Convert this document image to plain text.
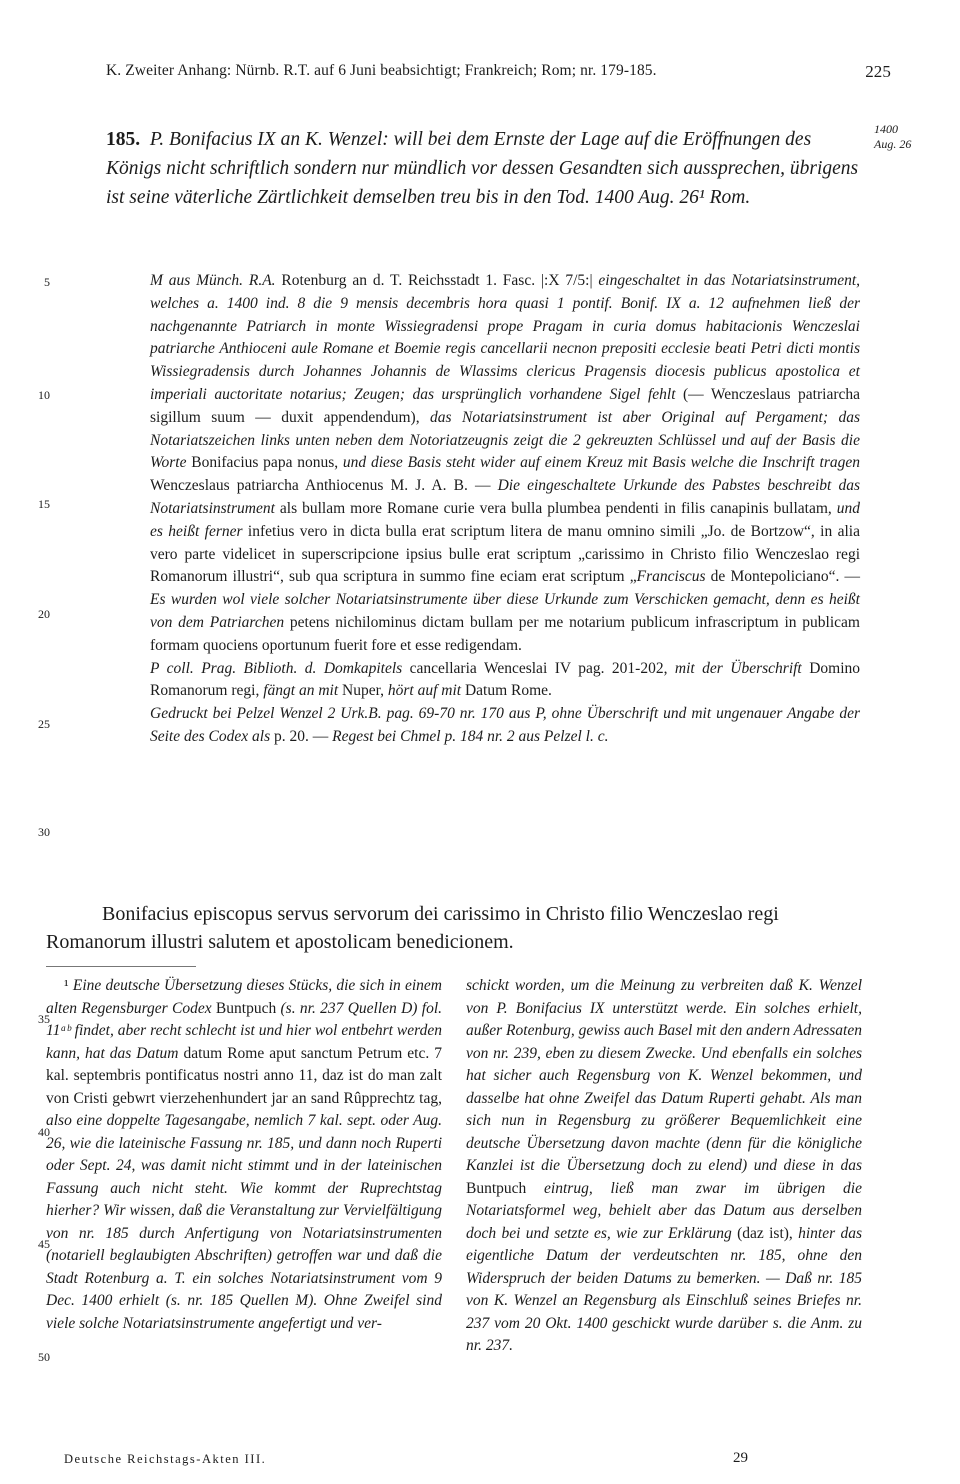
K. Zweiter Anhang: Nürnb. R.T. auf 6 Juni beabsichtigt; Frankreich; Rom; nr. 179-185.	225

185. P. Bonifacius IX an K. Wenzel: will bei dem Ernste der Lage auf die Eröffnungen des Königs nicht schriftlich sondern nur mündlich vor dessen Gesandten sich aussprechen, übrigens ist seine väterliche Zärtlichkeit demselben treu bis in den Tod. 1400 Aug. 26¹ Rom.

1400
Aug. 26
5
10
15
20
25
30
35
40
45
50

M aus Münch. R.A. Rotenburg an d. T. Reichsstadt 1. Fasc. |:X 7/5:| eingeschaltet in das Notariatsinstrument, welches a. 1400 ind. 8 die 9 mensis decembris hora quasi 1 pontif. Bonif. IX a. 12 aufnehmen ließ der nachgenannte Patriarch in monte Wissiegradensi prope Pragam in curia domus habitacionis Wenczeslai patriarche Anthioceni aule Romane et Boemie regis cancellarii necnon prepositi ecclesie beati Petri dicti montis Wissiegradensis durch Johannes Johannis de Wlassims clericus Pragensis diocesis publicus apostolica et imperiali auctoritate notarius; Zeugen; das ursprünglich vorhandene Sigel fehlt (— Wenczeslaus patriarcha sigillum suum — duxit appendendum), das Notariatsinstrument ist aber Original auf Pergament; das Notariatszeichen links unten neben dem Notoriatzeugnis zeigt die 2 gekreuzten Schlüssel und auf der Basis die Worte Bonifacius papa nonus, und diese Basis steht wider auf einem Kreuz mit Basis welche die Inschrift tragen Wenczeslaus patriarcha Anthiocenus M. J. A. B. — Die eingeschaltete Urkunde des Pabstes beschreibt das Notariatsinstrument als bullam more Romane curie vera bulla plumbea pendenti in filis canapinis bullatam, und es heißt ferner infetius vero in dicta bulla erat scriptum litera de manu omnino simili „Jo. de Bortzow“, in alia vero parte videlicet in superscripcione ipsius bulle erat scriptum „carissimo in Christo filio Wenczeslao regi Romanorum illustri“, sub qua scriptura in summo fine eciam erat scriptum „Franciscus de Montepoliciano“. — Es wurden wol viele solcher Notariatsinstrumente über diese Urkunde zum Verschicken gemacht, denn es heißt von dem Patriarchen petens nichilominus dictam bullam per me notarium publicum infrascriptum in publicam formam quociens oportunum fuerit fore et esse redigendam.

P coll. Prag. Biblioth. d. Domkapitels cancellaria Wenceslai IV pag. 201-202, mit der Überschrift Domino Romanorum regi, fängt an mit Nuper, hört auf mit Datum Rome.

Gedruckt bei Pelzel Wenzel 2 Urk.B. pag. 69-70 nr. 170 aus P, ohne Überschrift und mit ungenauer Angabe der Seite des Codex als p. 20. — Regest bei Chmel p. 184 nr. 2 aus Pelzel l. c.

Bonifacius episcopus servus servorum dei carissimo in Christo filio Wenczeslao regi Romanorum illustri salutem et apostolicam benedicionem.

¹ Eine deutsche Übersetzung dieses Stücks, die sich in einem alten Regensburger Codex Buntpuch (s. nr. 237 Quellen D) fol. 11ᵃᵇ findet, aber recht schlecht ist und hier wol entbehrt werden kann, hat das Datum datum Rome aput sanctum Petrum etc. 7 kal. septembris pontificatus nostri anno 11, daz ist do man zalt von Cristi gebwrt vierzehenhundert jar an sand Rûpprechtz tag, also eine doppelte Tagesangabe, nemlich 7 kal. sept. oder Aug. 26, wie die lateinische Fassung nr. 185, und dann noch Ruperti oder Sept. 24, was damit nicht stimmt und in der lateinischen Fassung auch nicht steht. Wie kommt der Ruprechtstag hierher? Wir wissen, daß die Veranstaltung zur Vervielfältigung von nr. 185 durch Anfertigung von Notariatsinstrumenten (notariell beglaubigten Abschriften) getroffen war und daß die Stadt Rotenburg a. T. ein solches Notariatsinstrument vom 9 Dec. 1400 erhielt (s. nr. 185 Quellen M). Ohne Zweifel sind viele solche Notariatsinstrumente angefertigt und ver-

schickt worden, um die Meinung zu verbreiten daß K. Wenzel von P. Bonifacius IX unterstützt werde. Ein solches erhielt, außer Rotenburg, gewiss auch Basel mit den andern Adressaten von nr. 239, eben zu diesem Zwecke. Und ebenfalls ein solches hat sicher auch Regensburg von K. Wenzel bekommen, und dasselbe hat ohne Zweifel das Datum Ruperti gehabt. Als man sich nun in Regensburg zu größerer Bequemlichkeit eine deutsche Übersetzung davon machte (denn für die königliche Kanzlei ist die Übersetzung doch zu elend) und diese in das Buntpuch eintrug, ließ man zwar im übrigen die Notariatsformel weg, behielt aber das Datum aus derselben doch bei und setzte es, wie zur Erklärung (daz ist), hinter das eigentliche Datum der verdeutschten nr. 185, ohne den Widerspruch der beiden Datums zu bemerken. — Daß nr. 185 von K. Wenzel an Regensburg als Einschluß seines Briefes nr. 237 vom 20 Okt. 1400 geschickt wurde darüber s. die Anm. zu nr. 237.

Deutsche Reichstags-Akten III.	29
